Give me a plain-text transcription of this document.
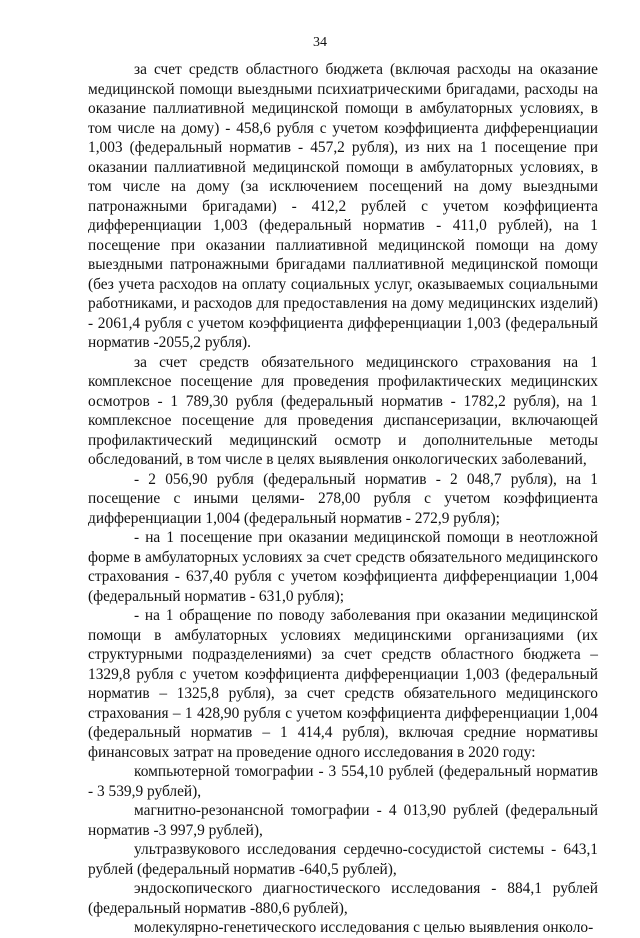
34

за счет средств областного бюджета (включая расходы на оказание медицинской помощи выездными психиатрическими бригадами, расходы на оказание паллиативной медицинской помощи в амбулаторных условиях, в том числе на дому) - 458,6 рубля с учетом коэффициента дифференциации 1,003 (федеральный норматив - 457,2 рубля), из них на 1 посещение при оказании паллиативной медицинской помощи в амбулаторных условиях, в том числе на дому (за исключением посещений на дому выездными патронажными бригадами) - 412,2 рублей с учетом коэффициента дифференциации 1,003 (федеральный норматив - 411,0 рублей), на 1 посещение при оказании паллиативной медицинской помощи на дому выездными патронажными бригадами паллиативной медицинской помощи (без учета расходов на оплату социальных услуг, оказываемых социальными работниками, и расходов для предоставления на дому медицинских изделий) - 2061,4 рубля с учетом коэффициента дифференциации 1,003 (федеральный норматив -2055,2 рубля).

за счет средств обязательного медицинского страхования на 1 комплексное посещение для проведения профилактических медицинских осмотров - 1 789,30 рубля (федеральный норматив - 1782,2 рубля), на 1 комплексное посещение для проведения диспансеризации, включающей профилактический медицинский осмотр и дополнительные методы обследований, в том числе в целях выявления онкологических заболеваний,

- 2 056,90 рубля (федеральный норматив - 2 048,7 рубля), на 1 посещение с иными целями- 278,00 рубля с учетом коэффициента дифференциации 1,004 (федеральный норматив - 272,9 рубля);

- на 1 посещение при оказании медицинской помощи в неотложной форме в амбулаторных условиях за счет средств обязательного медицинского страхования - 637,40 рубля с учетом коэффициента дифференциации 1,004 (федеральный норматив - 631,0 рубля);

- на 1 обращение по поводу заболевания при оказании медицинской помощи в амбулаторных условиях медицинскими организациями (их структурными подразделениями) за счет средств областного бюджета – 1329,8 рубля с учетом коэффициента дифференциации 1,003 (федеральный норматив – 1325,8 рубля), за счет средств обязательного медицинского страхования – 1 428,90 рубля с учетом коэффициента дифференциации 1,004 (федеральный норматив – 1 414,4 рубля), включая средние нормативы финансовых затрат на проведение одного исследования в 2020 году:

компьютерной томографии - 3 554,10 рублей (федеральный норматив - 3 539,9 рублей),

магнитно-резонансной томографии - 4 013,90 рублей (федеральный норматив -3 997,9 рублей),

ультразвукового исследования сердечно-сосудистой системы - 643,1 рублей (федеральный норматив -640,5 рублей),

эндоскопического диагностического исследования - 884,1 рублей (федеральный норматив -880,6 рублей),

молекулярно-генетического исследования с целью выявления онколо-
